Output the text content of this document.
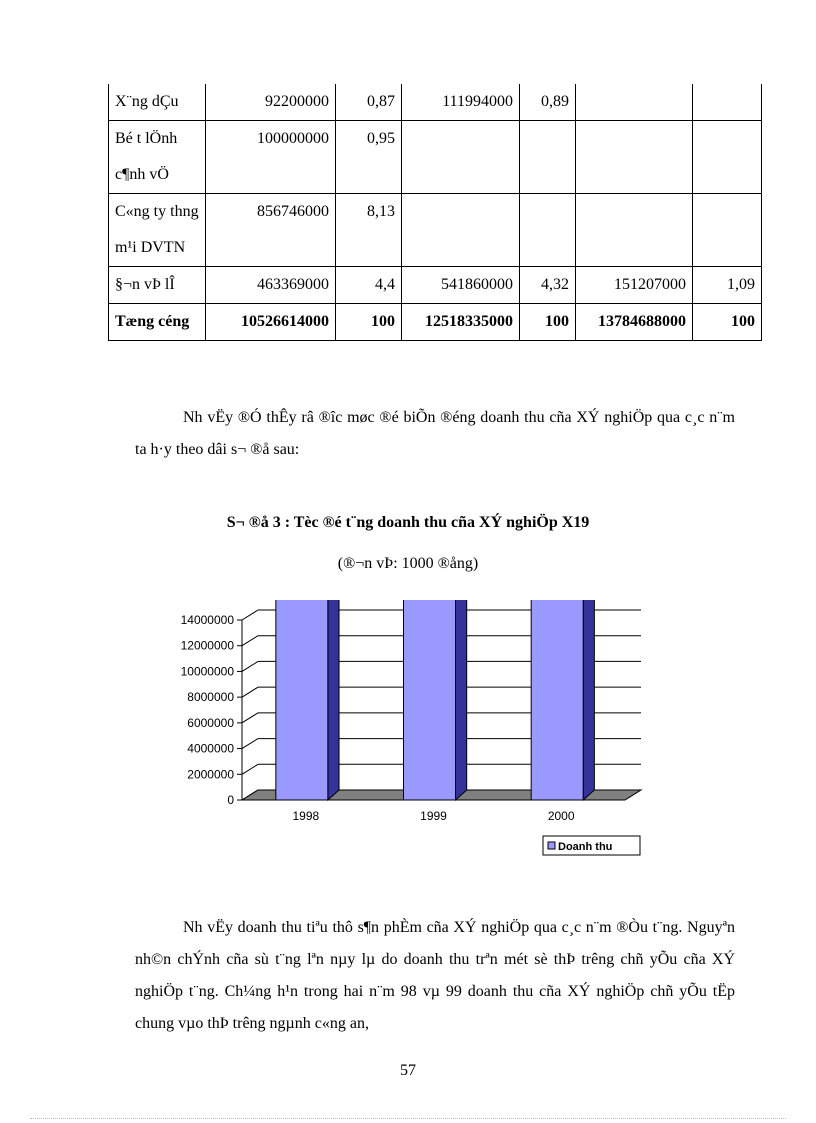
X¨ng dÇu	92200000	0,87	111994000	0,89		
Bé t lÖnh c¶nh vÖ	100000000	0,95				
C«ng ty thng m¹i DVTN	856746000	8,13				
§¬n vÞ lÎ	463369000	4,4	541860000	4,32	151207000	1,09
Tæng céng	10526614000	100	12518335000	100	13784688000	100
Nh vËy ®Ó thÊy râ ®îc møc ®é biÕn ®éng doanh thu cña XÝ nghiÖp qua c¸c n¨m ta h·y theo dâi s¬ ®å sau:
S¬ ®å 3 : Tèc ®é t¨ng doanh thu cña XÝ nghiÖp X19
(®¬n vÞ: 1000 ®ång)
0
2000000
4000000
6000000
8000000
10000000
12000000
14000000
1998	1999	2000
Doanh thu
Nh vËy doanh thu tiªu thô s¶n phÈm cña XÝ nghiÖp qua c¸c n¨m ®Òu t¨ng. Nguyªn nh©n chÝnh cña sù t¨ng lªn nµy lµ do doanh thu trªn mét sè thÞ trêng chñ yÕu cña XÝ nghiÖp t¨ng. Ch¼ng h¹n trong hai n¨m 98 vµ 99 doanh thu cña XÝ nghiÖp chñ yÕu tËp chung vµo thÞ trêng ngµnh c«ng an,
57
